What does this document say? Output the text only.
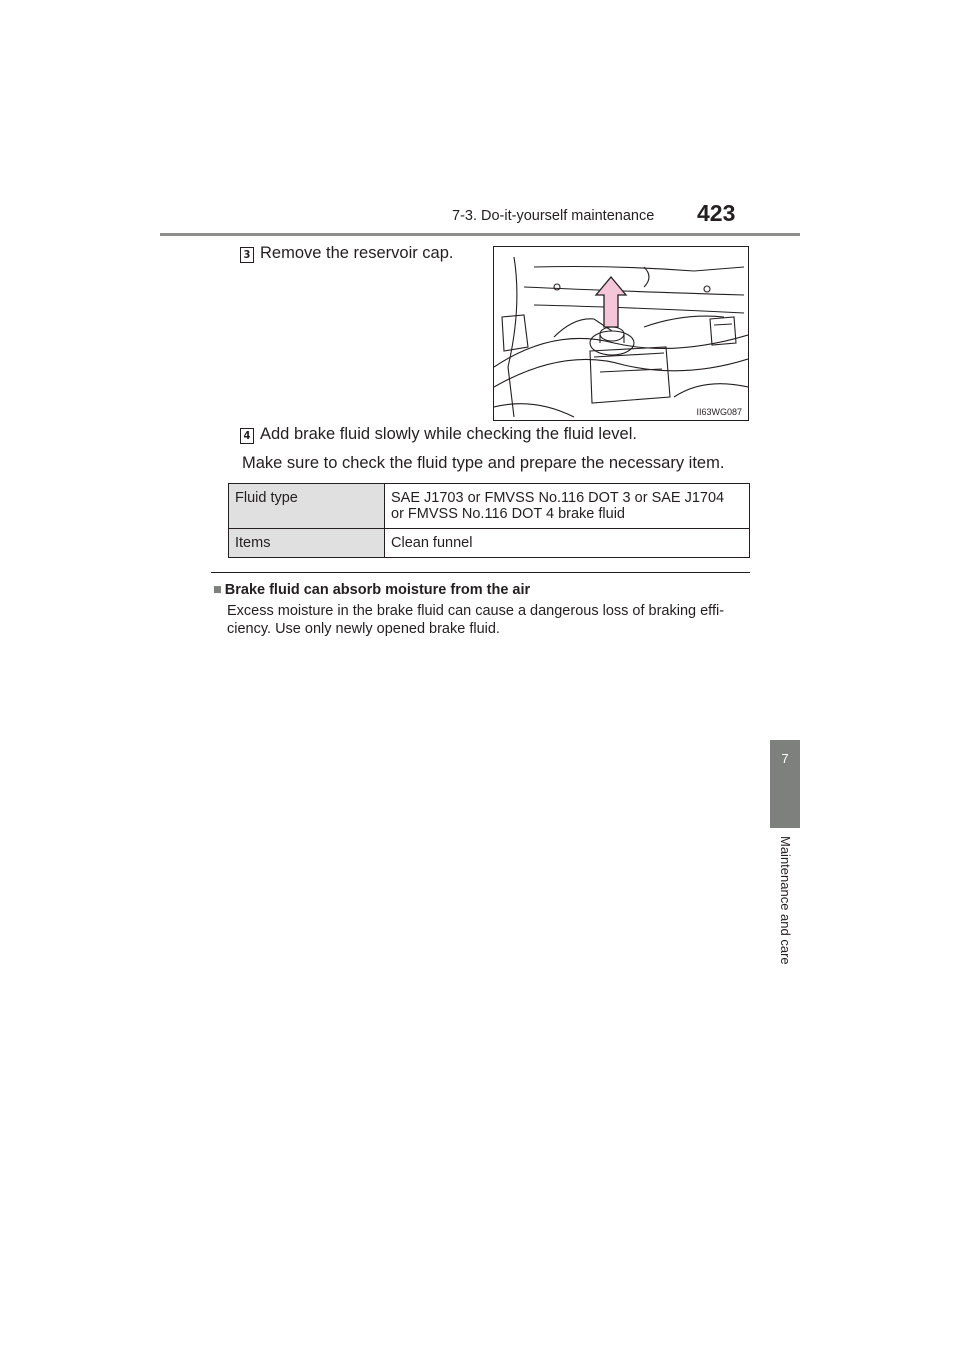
7-3. Do-it-yourself maintenance 423
7
Maintenance and care
3 Remove the reservoir cap.
II63WG087
4 Add brake fluid slowly while checking the fluid level.
Make sure to check the fluid type and prepare the necessary item.
Fluid type	SAE J1703 or FMVSS No.116 DOT 3 or SAE J1704
or FMVSS No.116 DOT 4 brake fluid

Items	Clean funnel
■ Brake fluid can absorb moisture from the air
Excess moisture in the brake fluid can cause a dangerous loss of braking effi-
ciency. Use only newly opened brake fluid.
